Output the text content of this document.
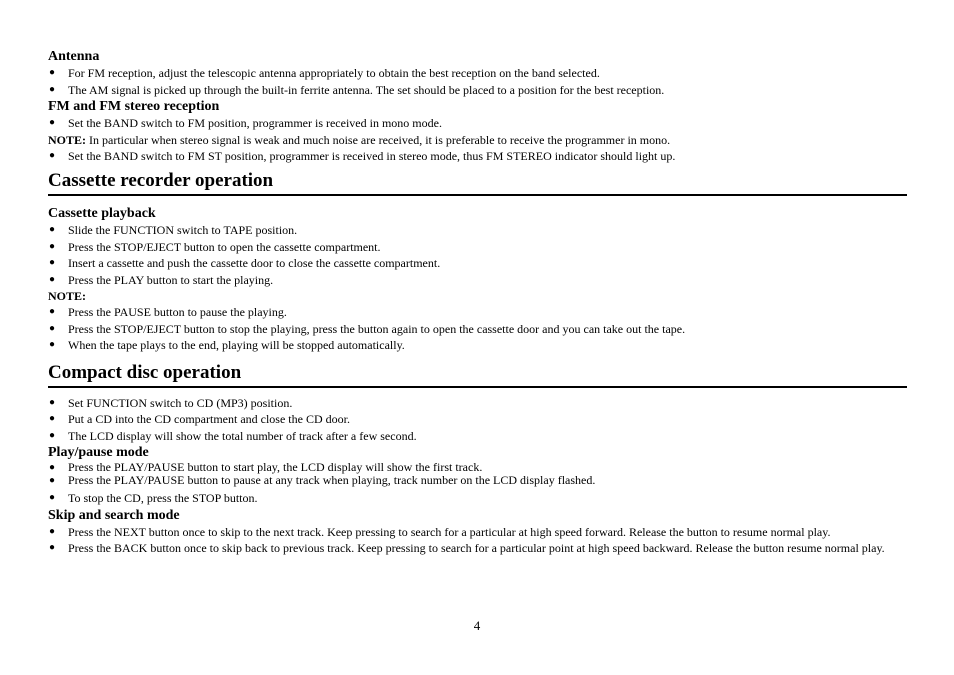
Antenna

● For FM reception, adjust the telescopic antenna appropriately to obtain the best reception on the band selected.
● The AM signal is picked up through the built-in ferrite antenna. The set should be placed to a position for the best reception.

FM and FM stereo reception

● Set the BAND switch to FM position, programmer is received in mono mode.
NOTE: In particular when stereo signal is weak and much noise are received, it is preferable to receive the programmer in mono.
● Set the BAND switch to FM ST position, programmer is received in stereo mode, thus FM STEREO indicator should light up.
Cassette recorder operation

Cassette playback

● Slide the FUNCTION switch to TAPE position.
● Press the STOP/EJECT button to open the cassette compartment.
● Insert a cassette and push the cassette door to close the cassette compartment.
● Press the PLAY button to start the playing.
NOTE:
● Press the PAUSE button to pause the playing.
● Press the STOP/EJECT button to stop the playing, press the button again to open the cassette door and you can take out the tape.
● When the tape plays to the end, playing will be stopped automatically.
Compact disc operation
● Set FUNCTION switch to CD (MP3) position.
● Put a CD into the CD compartment and close the CD door.
● The LCD display will show the total number of track after a few second.

Play/pause mode

● Press the PLAY/PAUSE button to start play, the LCD display will show the first track.
● Press the PLAY/PAUSE button to pause at any track when playing, track number on the LCD display flashed.
● To stop the CD, press the STOP button.

Skip and search mode

● Press the NEXT button once to skip to the next track. Keep pressing to search for a particular at high speed forward. Release the button to resume normal play.
● Press the BACK button once to skip back to previous track. Keep pressing to search for a particular point at high speed backward. Release the button resume normal play.
4
